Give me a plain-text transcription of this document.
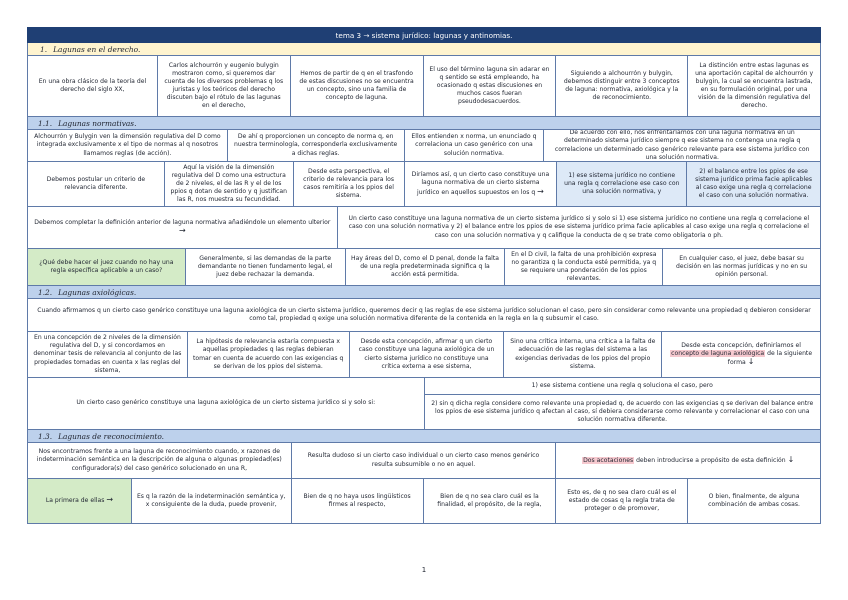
tema 3 → sistema jurídico: lagunas y antinomias.
1. Lagunas en el derecho.
En una obra clásico de la teoría del derecho del siglo XX,
Carlos alchourrón y eugenio bulygin mostraron como, si queremos dar cuenta de los diversos problemas q los juristas y los teóricos del derecho discuten bajo el rótulo de las lagunas en el derecho,
Hemos de partir de q en el trasfondo de estas discusiones no se encuentra un concepto, sino una familia de concepto de laguna.
El uso del término laguna sin adarar en q sentido se está empleando, ha ocasionado q estas discusiones en muchos casos fueran pseudodesacuerdos.
Siguiendo a alchourrón y bulygin, debemos distinguir entre 3 conceptos de laguna: normativa, axiológica y la de reconocimiento.
La distinción entre estas lagunas es una aportación capital de alchourrón y bulygin, la cual se encuentra lastrada, en su formulación original, por una visión de la dimensión regulativa del derecho.
1.1. Lagunas normativas.
Alchourrón y Bulygin ven la dimensión regulativa del D como integrada exclusivamente x el tipo de normas al q nosotros llamamos reglas (de acción).
De ahí q proporcionen un concepto de norma q, en nuestra terminología, corresponderla exclusivamente a dichas reglas.
Ellos entienden x norma, un enunciado q correlaciona un caso genérico con una solución normativa.
De acuerdo con ello, nos enfrentaríamos con una laguna normativa en un determinado sistema jurídico siempre q ese sistema no contenga una regla q correlacione un determinado caso genérico relevante para ese sistema jurídico con una solución normativa.
Debemos postular un criterio de relevancia diferente.
Aquí la visión de la dimensión regulativa del D como una estructura de 2 niveles, el de las R y el de los ppios q dotan de sentido y q justifican las R, nos muestra su fecundidad.
Desde esta perspectiva, el criterio de relevancia para los casos remitiría a los ppios del sistema.
Diríamos así, q un cierto caso constituye una laguna normativa de un cierto sistema jurídico en aquellos supuestos en los q →
1) ese sistema jurídico no contiene una regla q correlacione ese caso con una solución normativa, y
2) el balance entre los ppios de ese sistema jurídico prima facie aplicables al caso exige una regla q correlacione el caso con una solución normativa.
Debemos completar la definición anterior de laguna normativa añadiéndole un elemento ulterior →
Un cierto caso constituye una laguna normativa de un cierto sistema jurídico si y solo si 1) ese sistema jurídico no contiene una regla q correlacione el caso con una solución normativa y 2) el balance entre los ppios de ese sistema jurídico prima facie aplicables al caso exige una regla q correlacione el caso con una solución normativa y q califique la conducta de q se trate como obligatoria o ph.
¿Qué debe hacer el juez cuando no hay una regla específica aplicable a un caso?
Generalmente, si las demandas de la parte demandante no tienen fundamento legal, el juez debe rechazar la demanda.
Hay áreas del D, como el D penal, donde la falta de una regla predeterminada significa q la acción está permitida.
En el D civil, la falta de una prohibición expresa no garantiza q la conducta esté permitida, ya q se requiere una ponderación de los ppios relevantes.
En cualquier caso, el juez, debe basar su decisión en las normas jurídicas y no en su opinión personal.
1.2. Lagunas axiológicas.
Cuando afirmamos q un cierto caso genérico constituye una laguna axiológica de un cierto sistema jurídico, queremos decir q las reglas de ese sistema jurídico solucionan el caso, pero sin considerar como relevante una propiedad q debieron considerar como tal, propiedad q exige una solución normativa diferente de la contenida en la regla en la q subsumir el caso.
En una concepción de 2 niveles de la dimensión regulativa del D, y si concordamos en denominar tesis de relevancia al conjunto de las propiedades tomadas en cuenta x las reglas del sistema,
La hipótesis de relevancia estaría compuesta x aquellas propiedades q las reglas debieran tomar en cuenta de acuerdo con las exigencias q se derivan de los ppios del sistema.
Desde esta concepción, afirmar q un cierto caso constituye una laguna axiológica de un cierto sistema jurídico no constituye una crítica externa a ese sistema,
Sino una crítica interna, una crítica a la falta de adecuación de las reglas del sistema a las exigencias derivadas de los ppios del propio sistema.
Desde esta concepción, definiríamos el concepto de laguna axiológica de la siguiente forma ↓
Un cierto caso genérico constituye una laguna axiológica de un cierto sistema jurídico si y solo si:
1) ese sistema contiene una regla q soluciona el caso, pero
2) sin q dicha regla considere como relevante una propiedad q, de acuerdo con las exigencias q se derivan del balance entre los ppios de ese sistema jurídico q afectan al caso, sí debiera considerarse como relevante y correlacionar el caso con una solución normativa diferente.
1.3. Lagunas de reconocimiento.
Nos encontramos frente a una laguna de reconocimiento cuando, x razones de indeterminación semántica en la descripción de alguna o algunas propiedad(es) configuradora(s) del caso genérico solucionado en una R,
Resulta dudoso si un cierto caso individual o un cierto caso menos genérico resulta subsumible o no en aquel.
Dos acotaciones deben introducirse a propósito de esta definición ↓
La primera de ellas →	Es q la razón de la indeterminación semántica y, x consiguiente de la duda, puede provenir,
Bien de q no haya usos lingüísticos firmes al respecto,
Bien de q no sea claro cuál es la finalidad, el propósito, de la regla,
Esto es, de q no sea claro cuál es el estado de cosas q la regla trata de proteger o de promover,
O bien, finalmente, de alguna combinación de ambas cosas.
1
